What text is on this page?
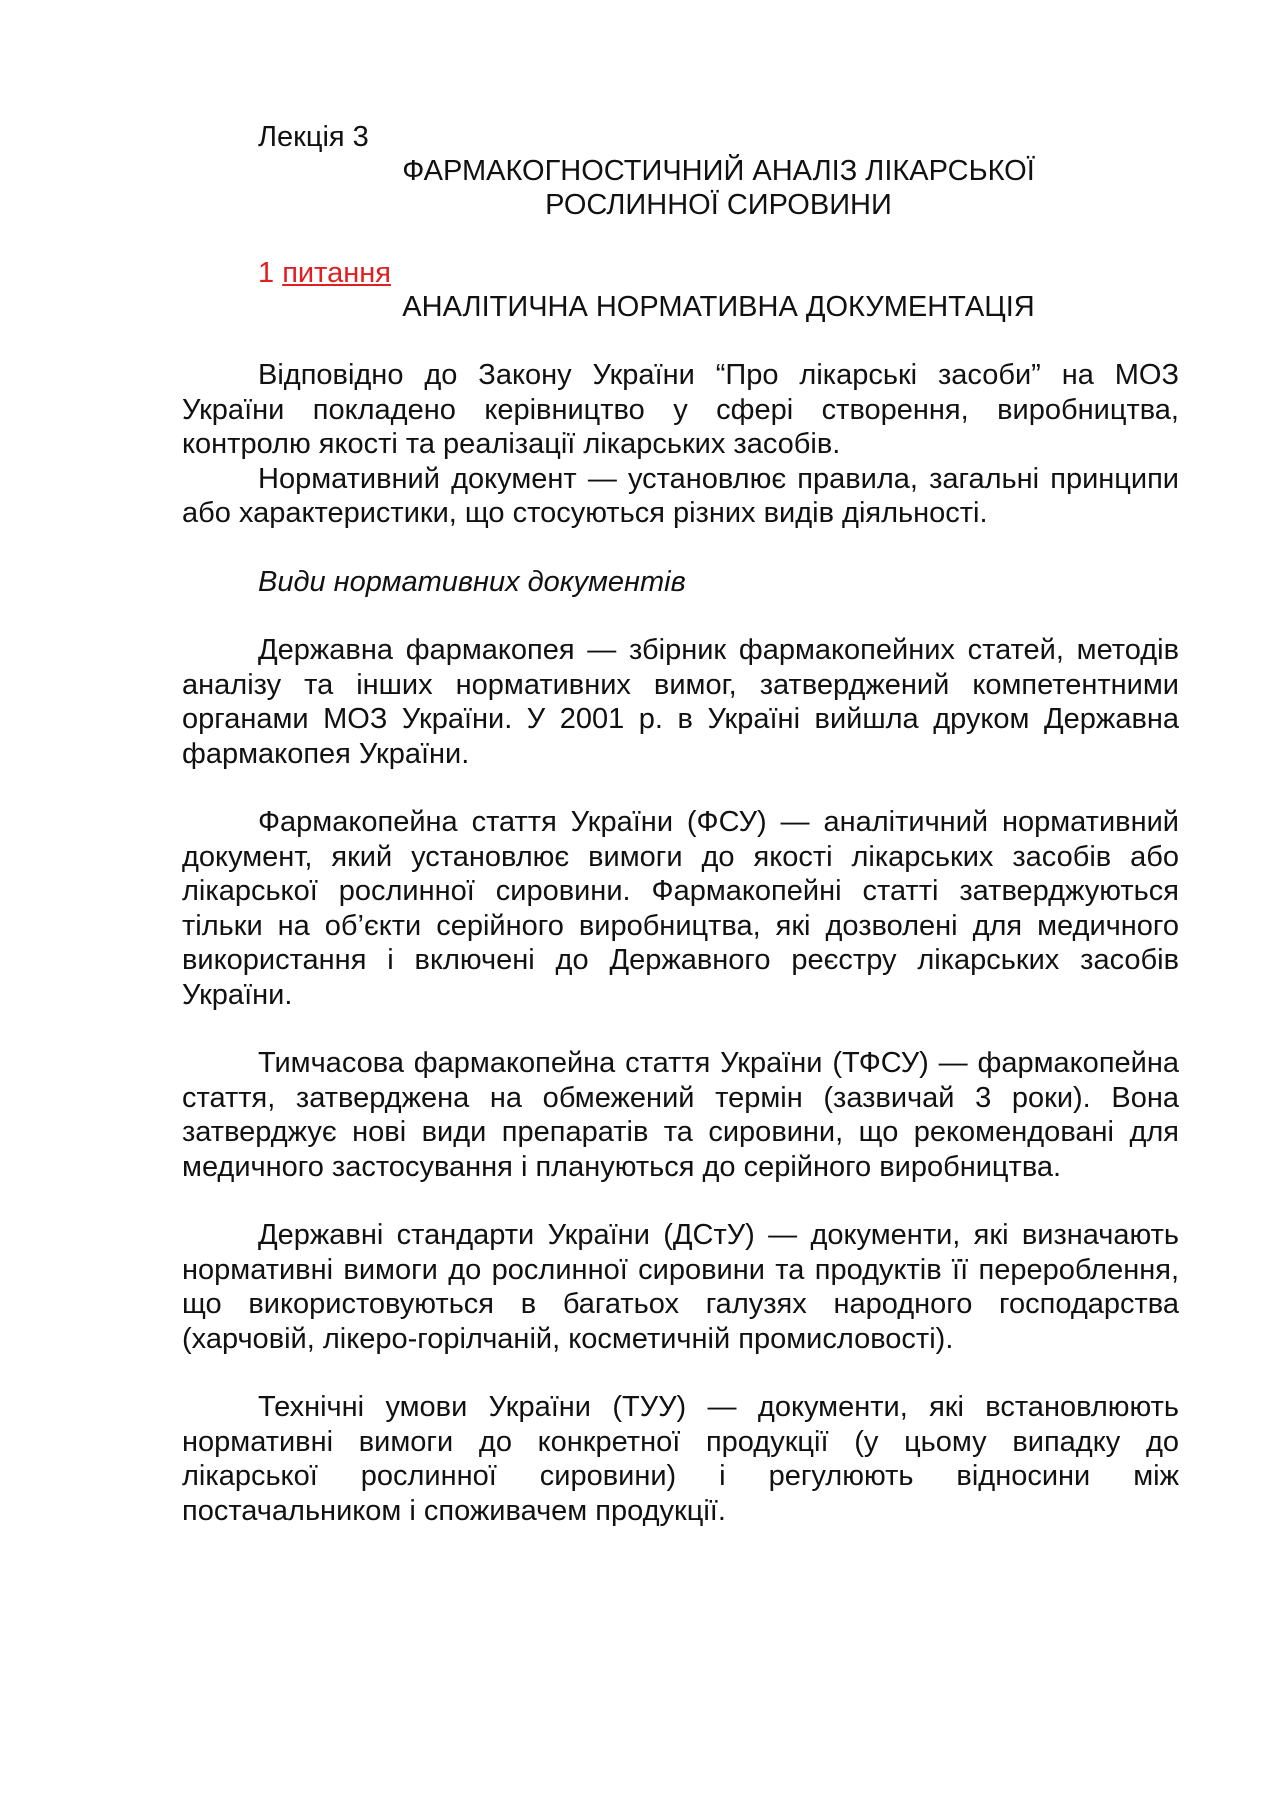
Лекція 3

ФАРМАКОГНОСТИЧНИЙ АНАЛІЗ ЛІКАРСЬКОЇ

РОСЛИННОЇ СИРОВИНИ

1 питання

АНАЛІТИЧНА НОРМАТИВНА ДОКУМЕНТАЦІЯ

Відповідно до Закону України “Про лікарські засоби” на МОЗ України покладено керівництво у сфері створення, виробництва, контролю якості та реалізації лікарських засобів.

Нормативний документ — установлює правила, загальні принципи або характеристики, що стосуються різних видів діяльності.

Види нормативних документів

Державна фармакопея — збірник фармакопейних статей, методів аналізу та інших нормативних вимог, затверджений компетентними органами МОЗ України. У 2001 р. в Україні вийшла друком Державна фармакопея України.

Фармакопейна стаття України (ФСУ) — аналітичний нормативний документ, який установлює вимоги до якості лікарських засобів або лікарської рослинної сировини. Фармакопейні статті затверджуються тільки на об’єкти серійного виробництва, які дозволені для медичного використання і включені до Державного реєстру лікарських засобів України.

Тимчасова фармакопейна стаття України (ТФСУ) — фармакопейна стаття, затверджена на обмежений термін (зазвичай 3 роки). Вона затверджує нові види препаратів та сировини, що рекомендовані для медичного застосування і плануються до серійного виробництва.

Державні стандарти України (ДСтУ) — документи, які визначають нормативні вимоги до рослинної сировини та продуктів її перероблення, що використовуються в багатьох галузях народного господарства (харчовій, лікеро-горілчаній, косметичній промисловості).

Технічні умови України (ТУУ) — документи, які встановлюють нормативні вимоги до конкретної продукції (у цьому випадку до лікарської рослинної сировини) і регулюють відносини між постачальником і споживачем продукції.
